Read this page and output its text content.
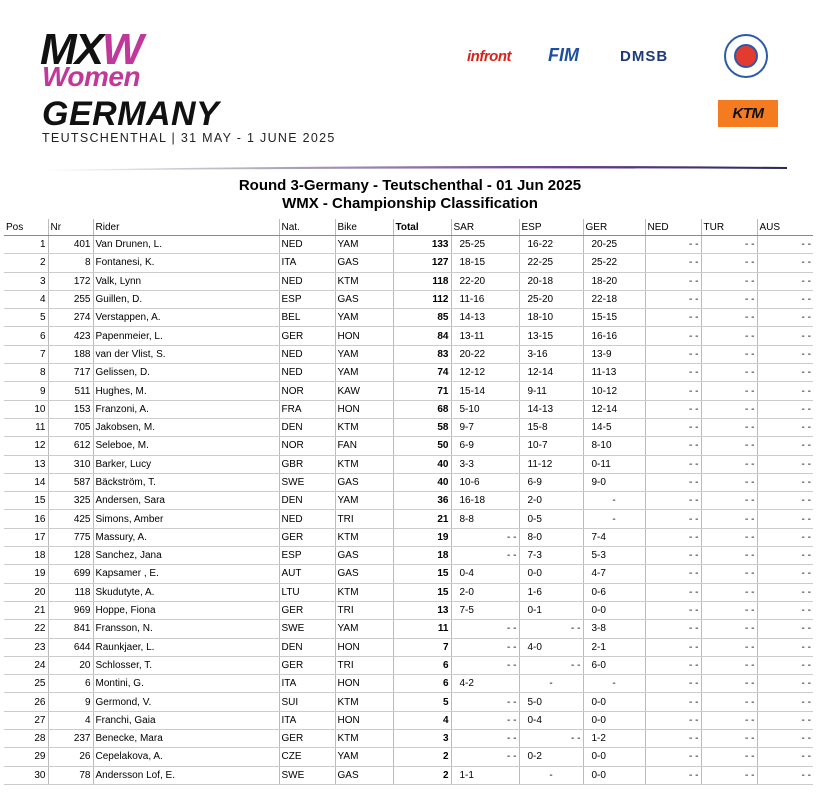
MXW
Women
GERMANY
TEUTSCHENTHAL | 31 MAY - 1 JUNE 2025
infront FIM	DMSB
KTM
Round 3-Germany - Teutschenthal - 01 Jun 2025
WMX - Championship Classification
Pos	Nr	Rider	Nat.	Bike	Total	SAR	ESP	GER	NED	TUR	AUS
1	401	Van Drunen, L.	NED	YAM	133	25-25	16-22	20-25	- -	- -	- -
2	8	Fontanesi, K.	ITA	GAS	127	18-15	22-25	25-22	- -	- -	- -
3	172	Valk, Lynn	NED	KTM	118	22-20	20-18	18-20	- -	- -	- -
4	255	Guillen, D.	ESP	GAS	112	11-16	25-20	22-18	- -	- -	- -
5	274	Verstappen, A.	BEL	YAM	85	14-13	18-10	15-15	- -	- -	- -
6	423	Papenmeier, L.	GER	HON	84	13-11	13-15	16-16	- -	- -	- -
7	188	van der Vlist, S.	NED	YAM	83	20-22	3-16	13-9	- -	- -	- -
8	717	Gelissen, D.	NED	YAM	74	12-12	12-14	11-13	- -	- -	- -
9	511	Hughes, M.	NOR	KAW	71	15-14	9-11	10-12	- -	- -	- -
10	153	Franzoni, A.	FRA	HON	68	5-10	14-13	12-14	- -	- -	- -
11	705	Jakobsen, M.	DEN	KTM	58	9-7	15-8	14-5	- -	- -	- -
12	612	Seleboe, M.	NOR	FAN	50	6-9	10-7	8-10	- -	- -	- -
13	310	Barker, Lucy	GBR	KTM	40	3-3	11-12	0-11	- -	- -	- -
14	587	Bäckström, T.	SWE	GAS	40	10-6	6-9	9-0	- -	- -	- -
15	325	Andersen, Sara	DEN	YAM	36	16-18	2-0	-	- -	- -	- -
16	425	Simons, Amber	NED	TRI	21	8-8	0-5	-	- -	- -	- -
17	775	Massury, A.	GER	KTM	19	- -	8-0	7-4	- -	- -	- -
18	128	Sanchez, Jana	ESP	GAS	18	- -	7-3	5-3	- -	- -	- -
19	699	Kapsamer , E.	AUT	GAS	15	0-4	0-0	4-7	- -	- -	- -
20	118	Skudutyte, A.	LTU	KTM	15	2-0	1-6	0-6	- -	- -	- -
21	969	Hoppe, Fiona	GER	TRI	13	7-5	0-1	0-0	- -	- -	- -
22	841	Fransson, N.	SWE	YAM	11	- -	- -	3-8	- -	- -	- -
23	644	Raunkjaer, L.	DEN	HON	7	- -	4-0	2-1	- -	- -	- -
24	20	Schlosser, T.	GER	TRI	6	- -	- -	6-0	- -	- -	- -
25	6	Montini, G.	ITA	HON	6	4-2	-	-	- -	- -	- -
26	9	Germond, V.	SUI	KTM	5	- -	5-0	0-0	- -	- -	- -
27	4	Franchi, Gaia	ITA	HON	4	- -	0-4	0-0	- -	- -	- -
28	237	Benecke, Mara	GER	KTM	3	- -	- -	1-2	- -	- -	- -
29	26	Cepelakova, A.	CZE	YAM	2	- -	0-2	0-0	- -	- -	- -
30	78	Andersson Lof, E.	SWE	GAS	2	1-1	-	0-0	- -	- -	- -
